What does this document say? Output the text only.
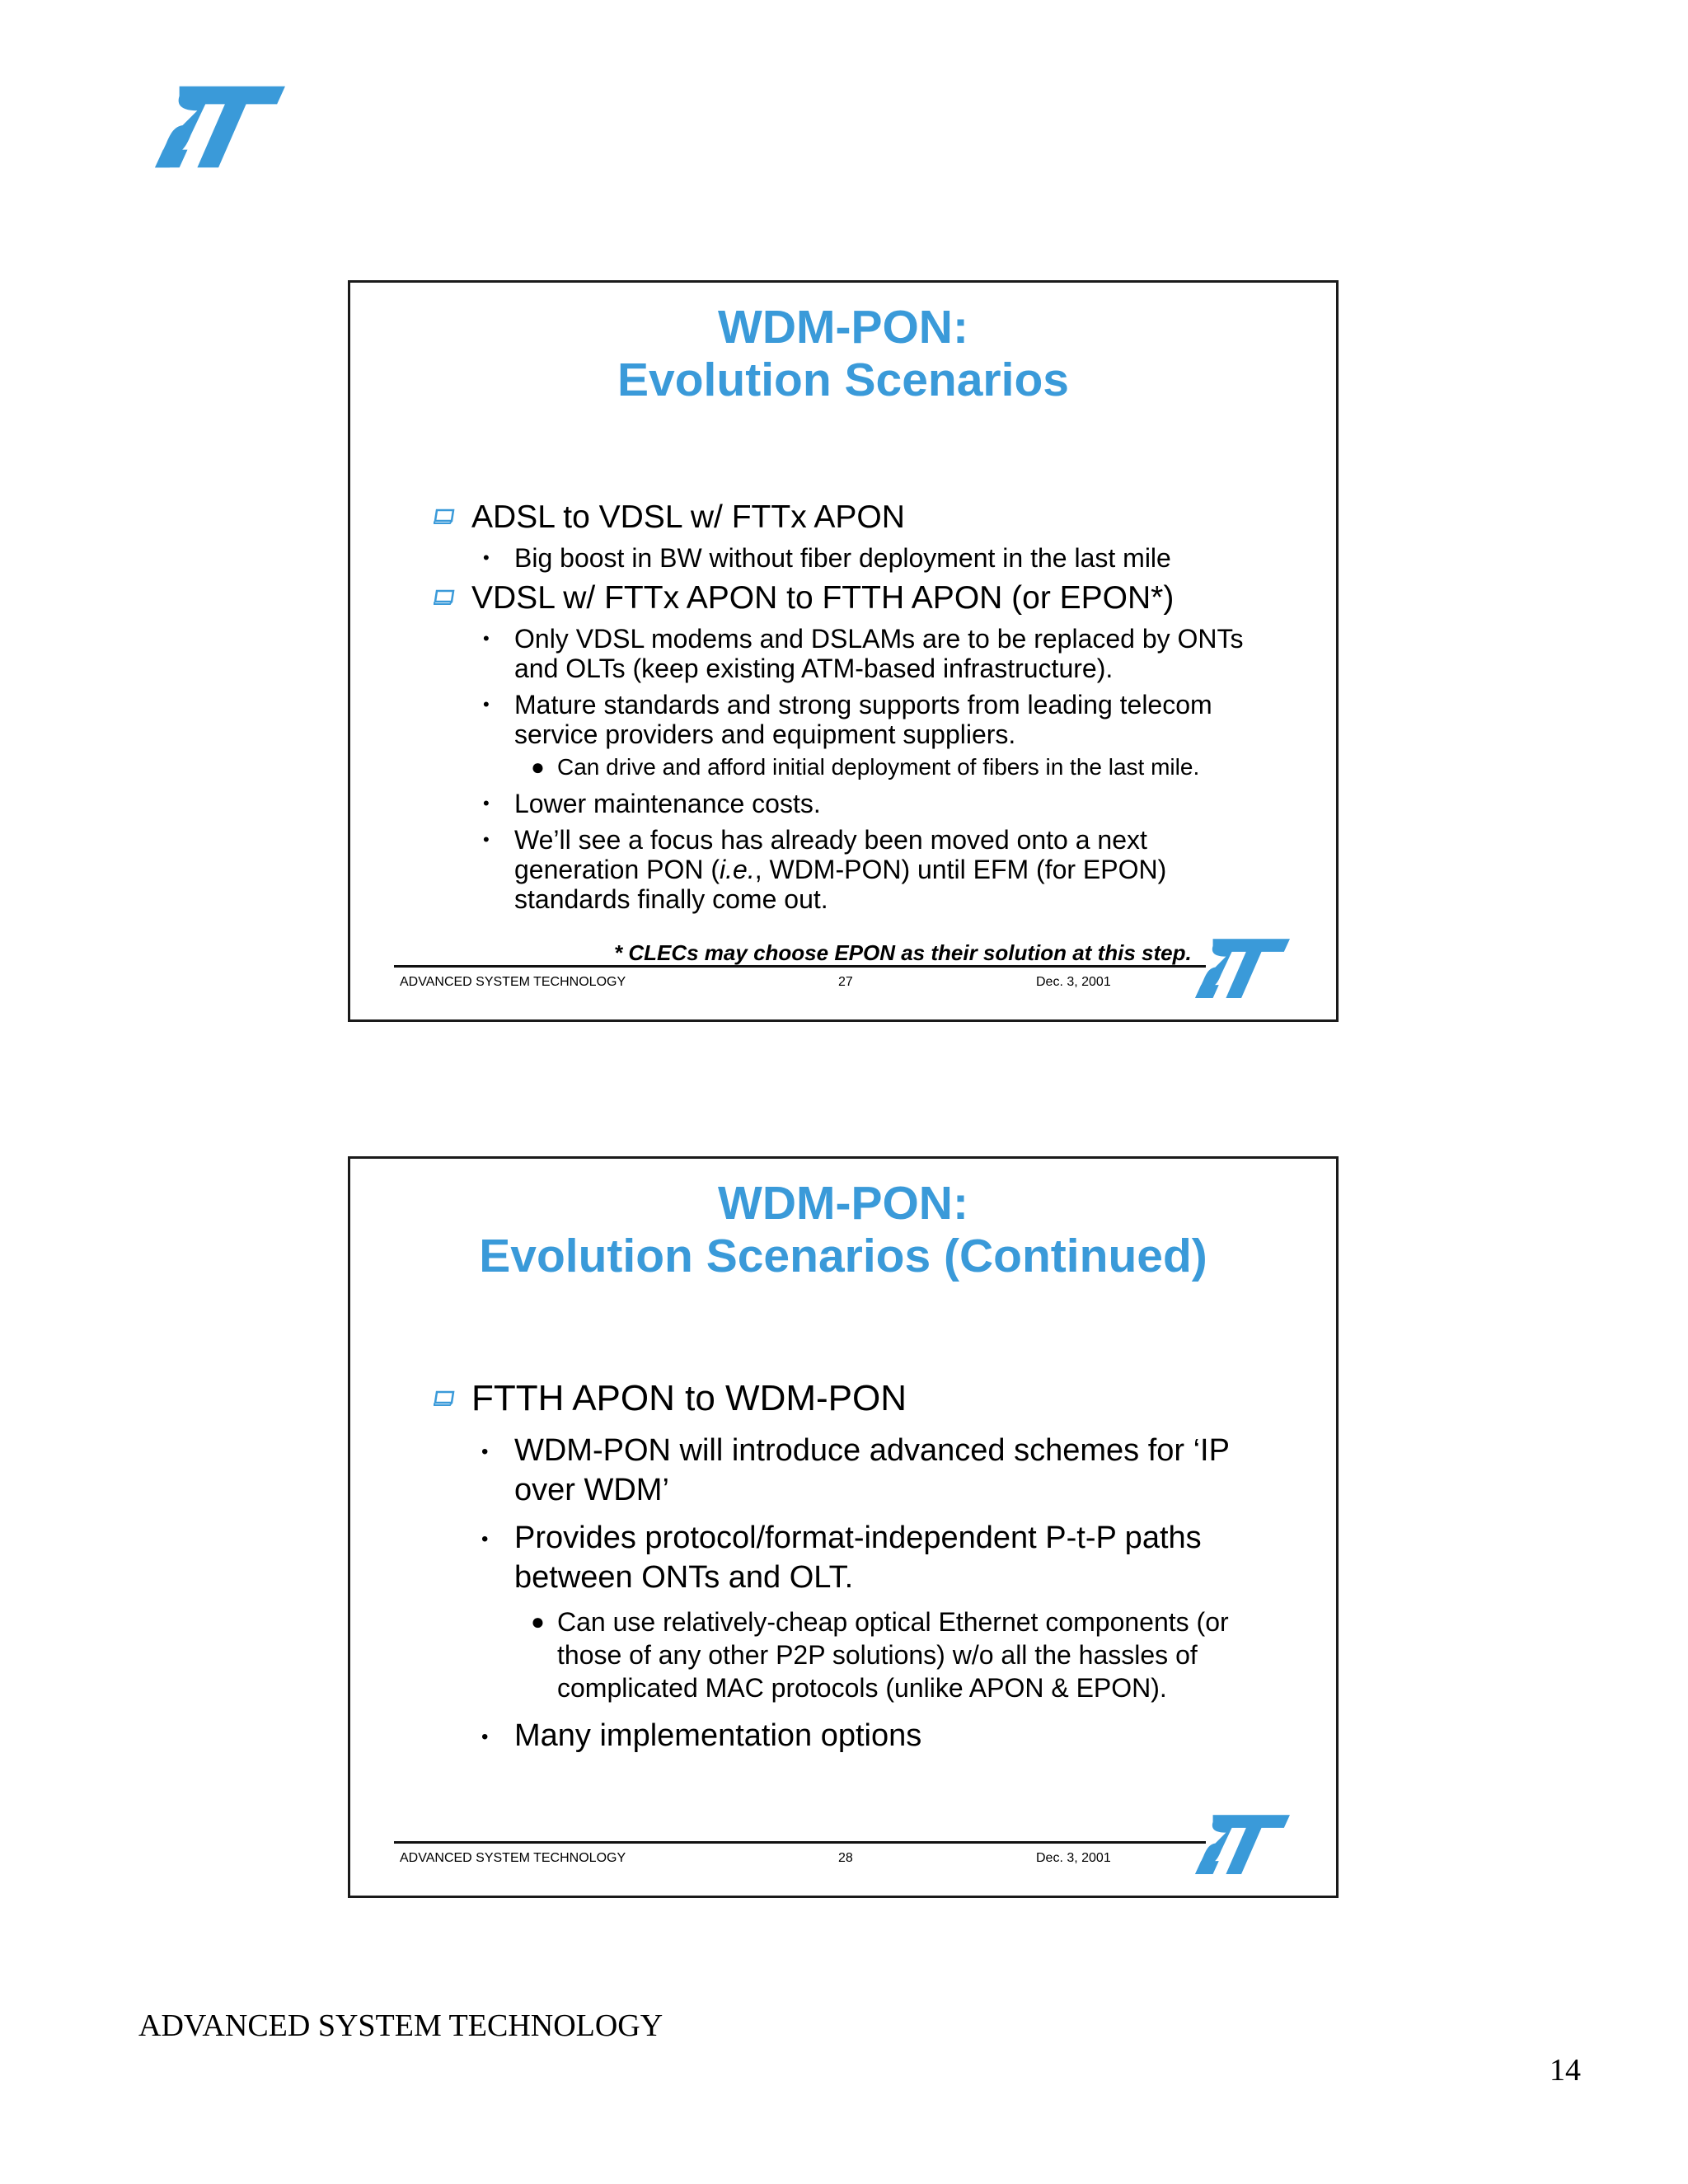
WDM-PON:
Evolution Scenarios
ADSL to VDSL w/ FTTx APON
• Big boost in BW without fiber deployment in the last mile
VDSL w/ FTTx APON to FTTH APON (or EPON*)
• Only VDSL modems and DSLAMs are to be replaced by ONTs and OLTs (keep existing ATM-based infrastructure).
• Mature standards and strong supports from leading telecom service providers and equipment suppliers.
● Can drive and afford initial deployment of fibers in the last mile.
• Lower maintenance costs.
• We’ll see a focus has already been moved onto a next generation PON (i.e., WDM-PON) until EFM (for EPON) standards finally come out.
* CLECs may choose EPON as their solution at this step.
ADVANCED SYSTEM TECHNOLOGY	27	Dec. 3, 2001
WDM-PON:
Evolution Scenarios (Continued)
FTTH APON to WDM-PON
• WDM-PON will introduce advanced schemes for ‘IP over WDM’
• Provides protocol/format-independent P-t-P paths between ONTs and OLT.
● Can use relatively-cheap optical Ethernet components (or those of any other P2P solutions) w/o all the hassles of complicated MAC protocols (unlike APON & EPON).
• Many implementation options
ADVANCED SYSTEM TECHNOLOGY	28	Dec. 3, 2001
ADVANCED SYSTEM TECHNOLOGY
14
